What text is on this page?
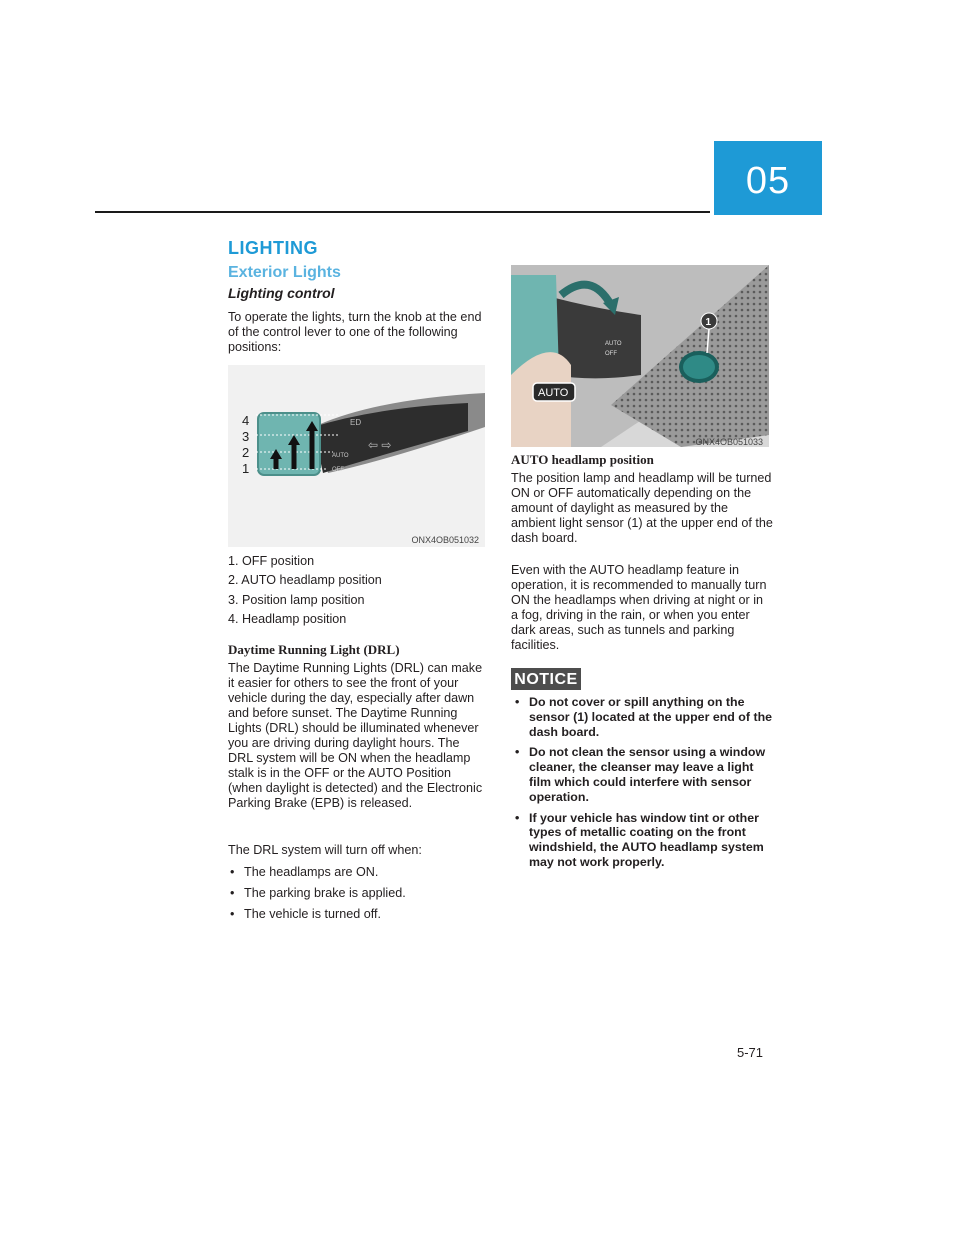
05
LIGHTING
Exterior Lights
Lighting control

To operate the lights, turn the knob at the end of the control lever to one of the following positions:

⇦ ⇨
ED
AUTO
OFF
4
3
2
1
ONX4OB051032
1. OFF position
2. AUTO headlamp position
3. Position lamp position
4. Headlamp position
Daytime Running Light (DRL)

The Daytime Running Lights (DRL) can make it easier for others to see the front of your vehicle during the day, especially after dawn and before sunset. The Daytime Running Lights (DRL) should be illuminated whenever you are driving during daylight hours. The DRL system will be ON when the headlamp stalk is in the OFF or the AUTO Position (when daylight is detected) and the Electronic Parking Brake (EPB) is released.

The DRL system will turn off when:

• The headlamps are ON.
• The parking brake is applied.
• The vehicle is turned off.
1
AUTO
AUTO
OFF
ONX4OB051033
AUTO headlamp position

The position lamp and headlamp will be turned ON or OFF automatically depending on the amount of daylight as measured by the ambient light sensor (1) at the upper end of the dash board.

Even with the AUTO headlamp feature in operation, it is recommended to manually turn ON the headlamps when driving at night or in a fog, driving in the rain, or when you enter dark areas, such as tunnels and parking facilities.

NOTICE
• Do not cover or spill anything on the sensor (1) located at the upper end of the dash board.
• Do not clean the sensor using a window cleaner, the cleanser may leave a light film which could interfere with sensor operation.
• If your vehicle has window tint or other types of metallic coating on the front windshield, the AUTO headlamp system may not work properly.
5-71
